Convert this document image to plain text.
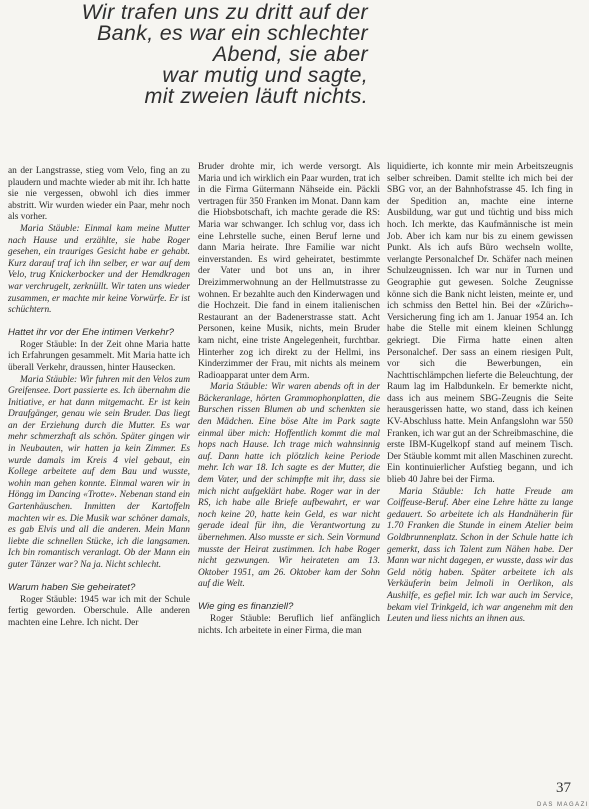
Wir trafen uns zu dritt auf der
Bank, es war ein schlechter
Abend, sie aber
war mutig und sagte,
mit zweien läuft nichts.

an der Langstrasse, stieg vom Velo, fing an zu plaudern und machte wieder ab mit ihr. Ich hatte sie nie vergessen, obwohl ich dies immer abstritt. Wir wurden wieder ein Paar, mehr noch als vorher.

Maria Stäuble: Einmal kam meine Mutter nach Hause und erzählte, sie habe Roger gesehen, ein trauriges Gesicht habe er gehabt. Kurz darauf traf ich ihn selber, er war auf dem Velo, trug Knickerbocker und der Hemdkragen war verchrugelt, zerknüllt. Wir taten uns wieder zusammen, er machte mir keine Vorwürfe. Er ist schüchtern.

Hattet ihr vor der Ehe intimen Verkehr?

Roger Stäuble: In der Zeit ohne Maria hatte ich Erfahrungen gesammelt. Mit Maria hatte ich überall Verkehr, draussen, hinter Hausecken.

Maria Stäuble: Wir fuhren mit den Velos zum Greifensee. Dort passierte es. Ich übernahm die Initiative, er hat dann mitgemacht. Er ist kein Draufgänger, genau wie sein Bruder. Das liegt an der Erziehung durch die Mutter. Es war mehr schmerzhaft als schön. Später gingen wir in Neubauten, wir hatten ja kein Zimmer. Es wurde damals im Kreis 4 viel gebaut, ein Kollege arbeitete auf dem Bau und wusste, wohin man gehen konnte. Einmal waren wir in Höngg im Dancing «Trotte». Nebenan stand ein Gartenhäuschen. Inmitten der Kartoffeln machten wir es. Die Musik war schöner damals, es gab Elvis und all die anderen. Mein Mann liebte die schnellen Stücke, ich die langsamen. Ich bin romantisch veranlagt. Ob der Mann ein guter Tänzer war? Na ja. Nicht schlecht.

Warum haben Sie geheiratet?

Roger Stäuble: 1945 war ich mit der Schule fertig geworden. Oberschule. Alle anderen machten eine Lehre. Ich nicht. Der

Bruder drohte mir, ich werde versorgt. Als Maria und ich wirklich ein Paar wurden, trat ich in die Firma Gütermann Nähseide ein. Päckli vertragen für 350 Franken im Monat. Dann kam die Hiobsbotschaft, ich machte gerade die RS: Maria war schwanger. Ich schlug vor, dass ich eine Lehrstelle suche, einen Beruf lerne und dann Maria heirate. Ihre Familie war nicht einverstanden. Es wird geheiratet, bestimmte der Vater und bot uns an, in ihrer Dreizimmerwohnung an der Hellmutstrasse zu wohnen. Er bezahlte auch den Kinderwagen und die Hochzeit. Die fand in einem italienischen Restaurant an der Badenerstrasse statt. Acht Personen, keine Musik, nichts, mein Bruder kam nicht, eine triste Angelegenheit, furchtbar. Hinterher zog ich direkt zu der Hellmi, ins Kinderzimmer der Frau, mit nichts als meinem Radioapparat unter dem Arm.

Maria Stäuble: Wir waren abends oft in der Bäckeranlage, hörten Grammophonplatten, die Burschen rissen Blumen ab und schenkten sie den Mädchen. Eine böse Alte im Park sagte einmal über mich: Hoffentlich kommt die mal hops nach Hause. Ich trage mich wahnsinnig auf. Dann hatte ich plötzlich keine Periode mehr. Ich war 18. Ich sagte es der Mutter, die dem Vater, und der schimpfte mit ihr, dass sie mich nicht aufgeklärt habe. Roger war in der RS, ich habe alle Briefe aufbewahrt, er war noch keine 20, hatte kein Geld, es war nicht gerade ideal für ihn, die Verantwortung zu übernehmen. Also musste er sich. Sein Vormund musste der Heirat zustimmen. Ich habe Roger nicht gezwungen. Wir heirateten am 13. Oktober 1951, am 26. Oktober kam der Sohn auf die Welt.

Wie ging es finanziell?

Roger Stäuble: Beruflich lief anfänglich nichts. Ich arbeitete in einer Firma, die man

liquidierte, ich konnte mir mein Arbeitszeugnis selber schreiben. Damit stellte ich mich bei der SBG vor, an der Bahnhofstrasse 45. Ich fing in der Spedition an, machte eine interne Ausbildung, war gut und tüchtig und biss mich hoch. Ich merkte, das Kaufmännische ist mein Job. Aber ich kam nur bis zu einem gewissen Punkt. Als ich aufs Büro wechseln wollte, verlangte Personalchef Dr. Schäfer nach meinen Schulzeugnissen. Ich war nur in Turnen und Geographie gut gewesen. Solche Zeugnisse könne sich die Bank nicht leisten, meinte er, und ich schmiss den Bettel hin. Bei der «Zürich»-Versicherung fing ich am 1. Januar 1954 an. Ich habe die Stelle mit einem kleinen Schlungg gekriegt. Die Firma hatte einen alten Personalchef. Der sass an einem riesigen Pult, vor sich die Bewerbungen, ein Nachttischlämpchen lieferte die Beleuchtung, der Raum lag im Halbdunkeln. Er bemerkte nicht, dass ich aus meinem SBG-Zeugnis die Seite herausgerissen hatte, wo stand, dass ich keinen KV-Abschluss hatte. Mein Anfangslohn war 550 Franken, ich war gut an der Schreibmaschine, die erste IBM-Kugelkopf stand auf meinem Tisch. Der Stäuble kommt mit allen Maschinen zurecht. Ein kontinuierlicher Aufstieg begann, und ich blieb 40 Jahre bei der Firma.

Maria Stäuble: Ich hatte Freude am Coiffeuse-Beruf. Aber eine Lehre hätte zu lange gedauert. So arbeitete ich als Handnäherin für 1.70 Franken die Stunde in einem Atelier beim Goldbrunnenplatz. Schon in der Schule hatte ich gemerkt, dass ich Talent zum Nähen habe. Der Mann war nicht dagegen, er wusste, dass wir das Geld nötig haben. Später arbeitete ich als Verkäuferin beim Jelmoli in Oerlikon, als Aushilfe, es gefiel mir. Ich war auch im Service, bekam viel Trinkgeld, ich war angenehm mit den Leuten und liess nichts an ihnen aus.

37
DAS MAGAZI
